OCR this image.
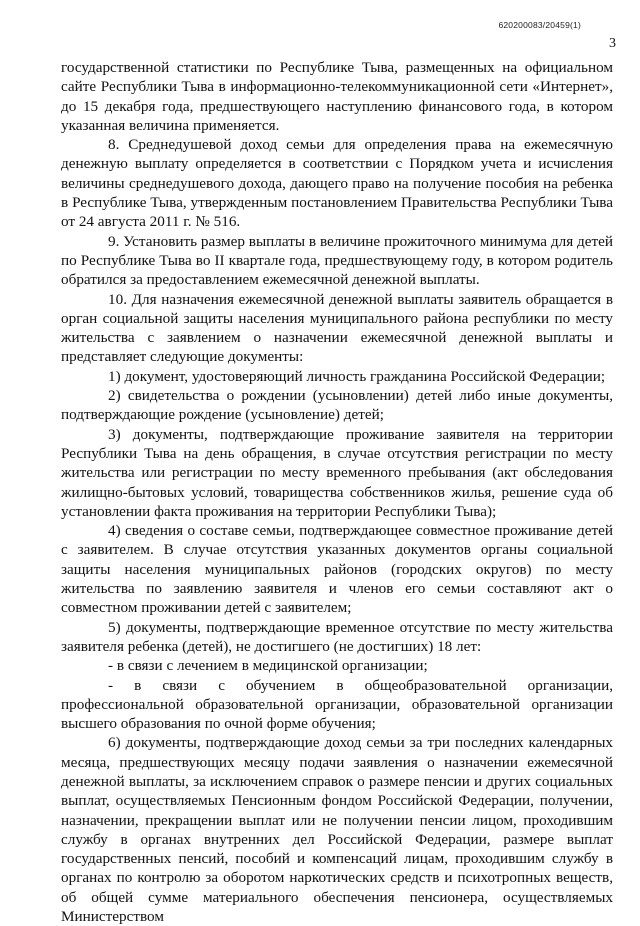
620200083/20459(1)
3

государственной статистики по Республике Тыва, размещенных на официальном сайте Республики Тыва в информационно-телекоммуникационной сети «Интернет», до 15 декабря года, предшествующего наступлению финансового года, в котором указанная величина применяется.

8. Среднедушевой доход семьи для определения права на ежемесячную денежную выплату определяется в соответствии с Порядком учета и исчисления величины среднедушевого дохода, дающего право на получение пособия на ребенка в Республике Тыва, утвержденным постановлением Правительства Республики Тыва от 24 августа 2011 г. № 516.

9. Установить размер выплаты в величине прожиточного минимума для детей по Республике Тыва во II квартале года, предшествующему году, в котором родитель обратился за предоставлением ежемесячной денежной выплаты.

10. Для назначения ежемесячной денежной выплаты заявитель обращается в орган социальной защиты населения муниципального района республики по месту жительства с заявлением о назначении ежемесячной денежной выплаты и представляет следующие документы:

1) документ, удостоверяющий личность гражданина Российской Федерации;

2) свидетельства о рождении (усыновлении) детей либо иные документы, подтверждающие рождение (усыновление) детей;

3) документы, подтверждающие проживание заявителя на территории Республики Тыва на день обращения, в случае отсутствия регистрации по месту жительства или регистрации по месту временного пребывания (акт обследования жилищно-бытовых условий, товарищества собственников жилья, решение суда об установлении факта проживания на территории Республики Тыва);

4) сведения о составе семьи, подтверждающее совместное проживание детей с заявителем. В случае отсутствия указанных документов органы социальной защиты населения муниципальных районов (городских округов) по месту жительства по заявлению заявителя и членов его семьи составляют акт о совместном проживании детей с заявителем;

5) документы, подтверждающие временное отсутствие по месту жительства заявителя ребенка (детей), не достигшего (не достигших) 18 лет:

- в связи с лечением в медицинской организации;

- в связи с обучением в общеобразовательной организации, профессиональной образовательной организации, образовательной организации высшего образования по очной форме обучения;

6) документы, подтверждающие доход семьи за три последних календарных месяца, предшествующих месяцу подачи заявления о назначении ежемесячной денежной выплаты, за исключением справок о размере пенсии и других социальных выплат, осуществляемых Пенсионным фондом Российской Федерации, получении, назначении, прекращении выплат или не получении пенсии лицом, проходившим службу в органах внутренних дел Российской Федерации, размере выплат государственных пенсий, пособий и компенсаций лицам, проходившим службу в органах по контролю за оборотом наркотических средств и психотропных веществ, об общей сумме материального обеспечения пенсионера, осуществляемых Министерством
